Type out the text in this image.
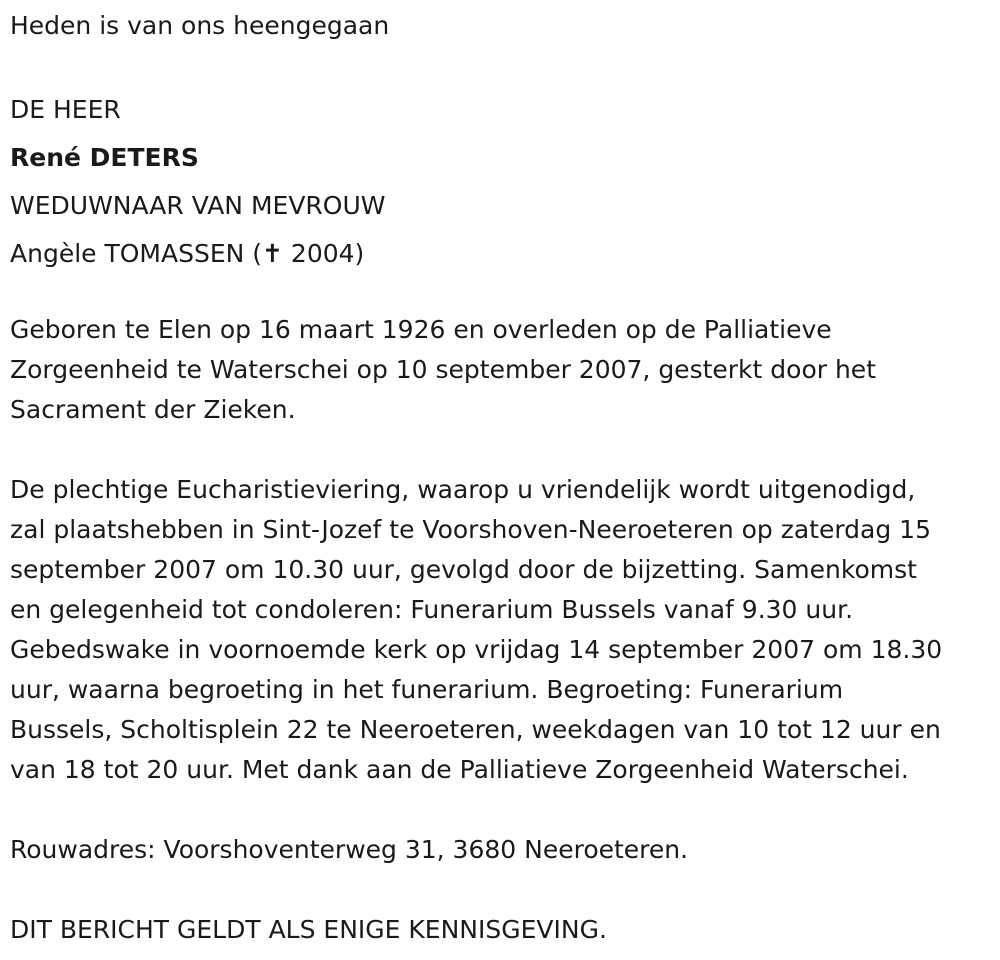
Heden is van ons heengegaan

DE HEER

René DETERS

WEDUWNAAR VAN MEVROUW

Angèle TOMASSEN (✝ 2004)

Geboren te Elen op 16 maart 1926 en overleden op de Palliatieve
Zorgeenheid te Waterschei op 10 september 2007, gesterkt door het
Sacrament der Zieken.

De plechtige Eucharistieviering, waarop u vriendelijk wordt uitgenodigd,
zal plaatshebben in Sint-Jozef te Voorshoven-Neeroeteren op zaterdag 15
september 2007 om 10.30 uur, gevolgd door de bijzetting. Samenkomst
en gelegenheid tot condoleren: Funerarium Bussels vanaf 9.30 uur.
Gebedswake in voornoemde kerk op vrijdag 14 september 2007 om 18.30
uur, waarna begroeting in het funerarium. Begroeting: Funerarium
Bussels, Scholtisplein 22 te Neeroeteren, weekdagen van 10 tot 12 uur en
van 18 tot 20 uur. Met dank aan de Palliatieve Zorgeenheid Waterschei.

Rouwadres: Voorshoventerweg 31, 3680 Neeroeteren.

DIT BERICHT GELDT ALS ENIGE KENNISGEVING.
